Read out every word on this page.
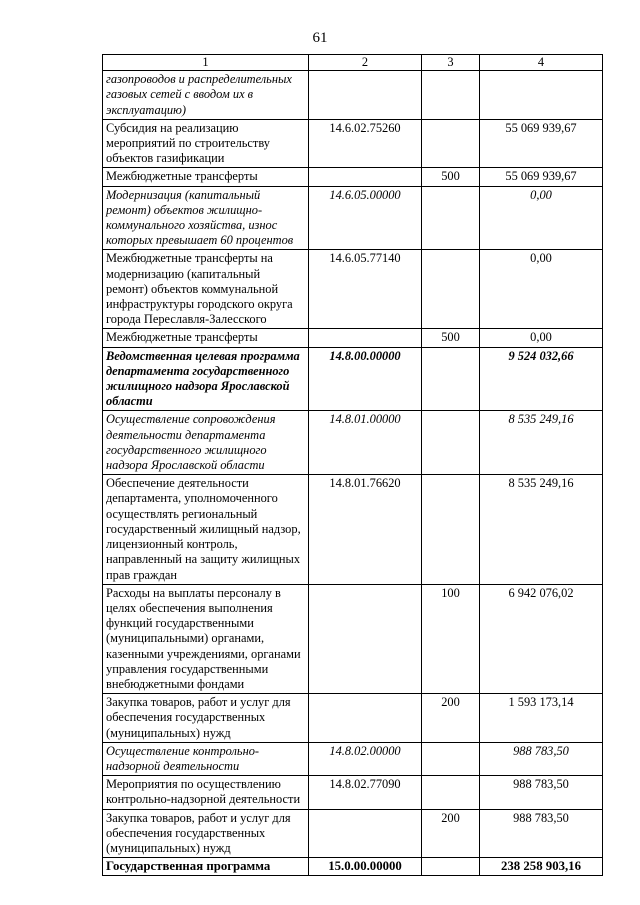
61
1	2	3	4
газопроводов и распределительных газовых сетей с вводом их в эксплуатацию)			
Субсидия на реализацию мероприятий по строительству объектов газификации	14.6.02.75260		55 069 939,67
Межбюджетные трансферты		500	55 069 939,67
Модернизация (капитальный ремонт) объектов жилищно-коммунального хозяйства, износ которых превышает 60 процентов	14.6.05.00000		0,00
Межбюджетные трансферты на модернизацию (капитальный ремонт) объектов коммунальной инфраструктуры городского округа города Переславля-Залесского	14.6.05.77140		0,00
Межбюджетные трансферты		500	0,00
Ведомственная целевая программа департамента государственного жилищного надзора Ярославской области	14.8.00.00000		9 524 032,66
Осуществление сопровождения деятельности департамента государственного жилищного надзора Ярославской области	14.8.01.00000		8 535 249,16
Обеспечение деятельности департамента, уполномоченного осуществлять региональный государственный жилищный надзор, лицензионный контроль, направленный на защиту жилищных прав граждан	14.8.01.76620		8 535 249,16
Расходы на выплаты персоналу в целях обеспечения выполнения функций государственными (муниципальными) органами, казенными учреждениями, органами управления государственными внебюджетными фондами		100	6 942 076,02
Закупка товаров, работ и услуг для обеспечения государственных (муниципальных) нужд		200	1 593 173,14
Осуществление контрольно-надзорной деятельности	14.8.02.00000		988 783,50
Мероприятия по осуществлению контрольно-надзорной деятельности	14.8.02.77090		988 783,50
Закупка товаров, работ и услуг для обеспечения государственных (муниципальных) нужд		200	988 783,50
Государственная программа	15.0.00.00000		238 258 903,16
